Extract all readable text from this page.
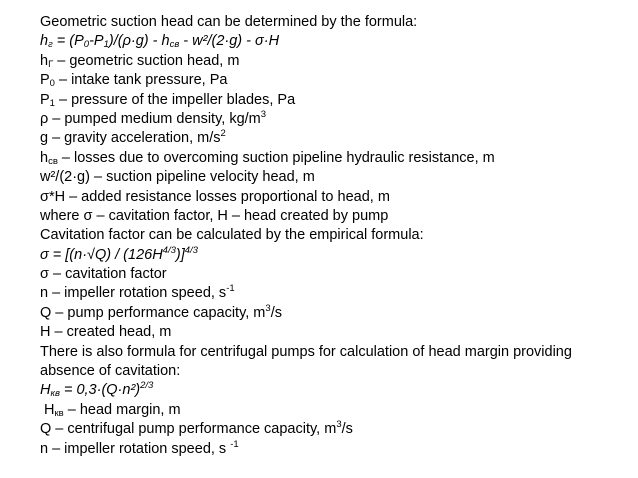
Geometric suction head can be determined by the formula:
$h_г = (P_0-P_1)/(\rho\cdot g) - h_{св} - w^2/(2\cdot g) - \sigma\cdot H$
$h_Г$ – geometric suction head, m
$P_0$ – intake tank pressure, Pa
$P_1$ – pressure of the impeller blades, Pa
ρ – pumped medium density, $kg/m^3$
g – gravity acceleration, $m/s^2$
$h_{св}$ – losses due to overcoming suction pipeline hydraulic resistance, m
w²/(2·g) – suction pipeline velocity head, m
σ*H – added resistance losses proportional to head, m
where σ – cavitation factor, H – head created by pump
Cavitation factor can be calculated by the empirical formula:
$\sigma = [(n\cdot√Q) / (126H^{4/3})]^{4/3}$
σ – cavitation factor
n – impeller rotation speed, $s^{-1}$
Q – pump performance capacity, $m^3/s$
H – created head, m
There is also formula for centrifugal pumps for calculation of head margin providing absence of cavitation:
$H_{кв} = 0,3\cdot(Q\cdot n^2)^{2/3}$
$H_{кв}$ – head margin, m
Q – centrifugal pump performance capacity, $m^3/s$
n – impeller rotation speed, s $^{-1}$
